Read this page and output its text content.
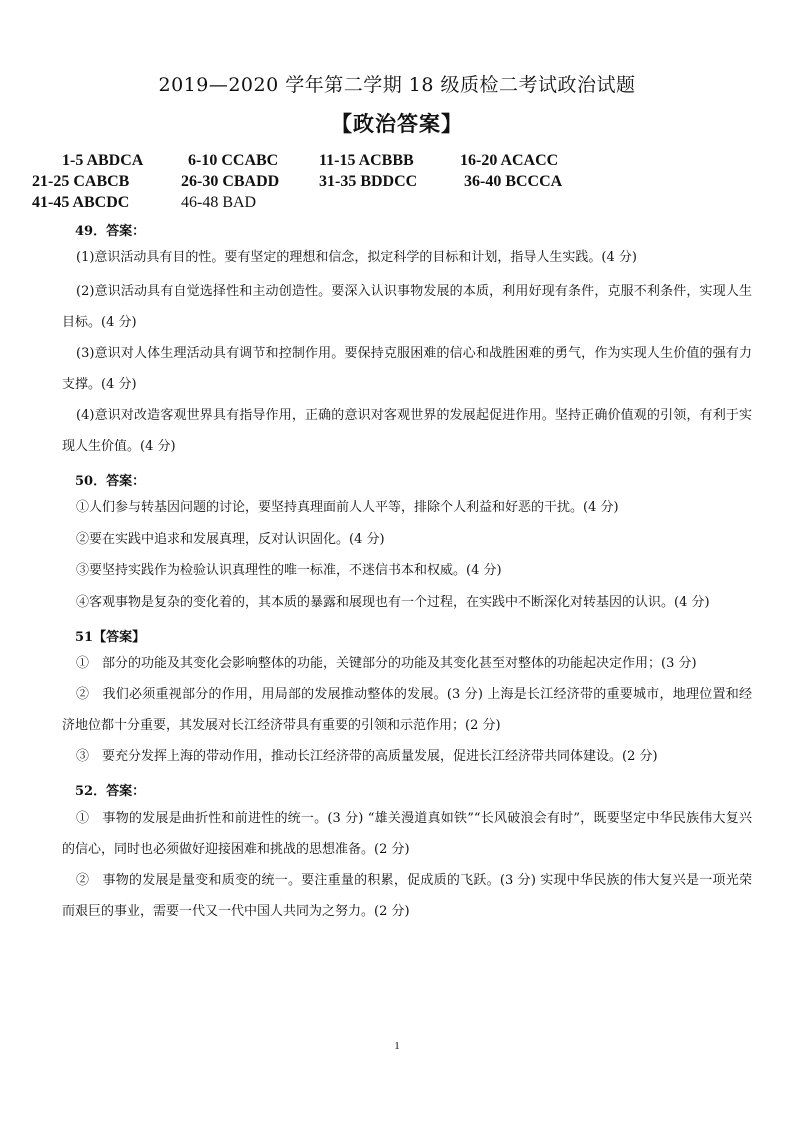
2019—2020 学年第二学期 18 级质检二考试政治试题
【政治答案】
1-5 ABDCA	6-10 CCABC	11-15 ACBBB	16-20 ACACC
21-25 CABCB	26-30 CBADD 31-35 BDDCC	36-40 BCCCA
41-45 ABCDC	46-48 BAD
49．答案：
(1)意识活动具有目的性。要有坚定的理想和信念，拟定科学的目标和计划，指导人生实践。(4 分)
(2)意识活动具有自觉选择性和主动创造性。要深入认识事物发展的本质，利用好现有条件，克服不利条件，实现人生目标。(4 分)
(3)意识对人体生理活动具有调节和控制作用。要保持克服困难的信心和战胜困难的勇气，作为实现人生价值的强有力支撑。(4 分)
(4)意识对改造客观世界具有指导作用，正确的意识对客观世界的发展起促进作用。坚持正确价值观的引领，有利于实现人生价值。(4 分)
50．答案：
①人们参与转基因问题的讨论，要坚持真理面前人人平等，排除个人利益和好恶的干扰。(4 分)
②要在实践中追求和发展真理，反对认识固化。(4 分)
③要坚持实践作为检验认识真理性的唯一标准，不迷信书本和权威。(4 分)
④客观事物是复杂的变化着的，其本质的暴露和展现也有一个过程，在实践中不断深化对转基因的认识。(4 分)
51【答案】
①　部分的功能及其变化会影响整体的功能，关键部分的功能及其变化甚至对整体的功能起决定作用；(3 分)
②　我们必须重视部分的作用，用局部的发展推动整体的发展。(3 分) 上海是长江经济带的重要城市，地理位置和经济地位都十分重要，其发展对长江经济带具有重要的引领和示范作用；(2 分)
③　要充分发挥上海的带动作用，推动长江经济带的高质量发展，促进长江经济带共同体建设。(2 分)
52．答案：
①　事物的发展是曲折性和前进性的统一。(3 分) “雄关漫道真如铁”“长风破浪会有时”，既要坚定中华民族伟大复兴的信心，同时也必须做好迎接困难和挑战的思想准备。(2 分)
②　事物的发展是量变和质变的统一。要注重量的积累，促成质的飞跃。(3 分) 实现中华民族的伟大复兴是一项光荣而艰巨的事业，需要一代又一代中国人共同为之努力。(2 分)
1
